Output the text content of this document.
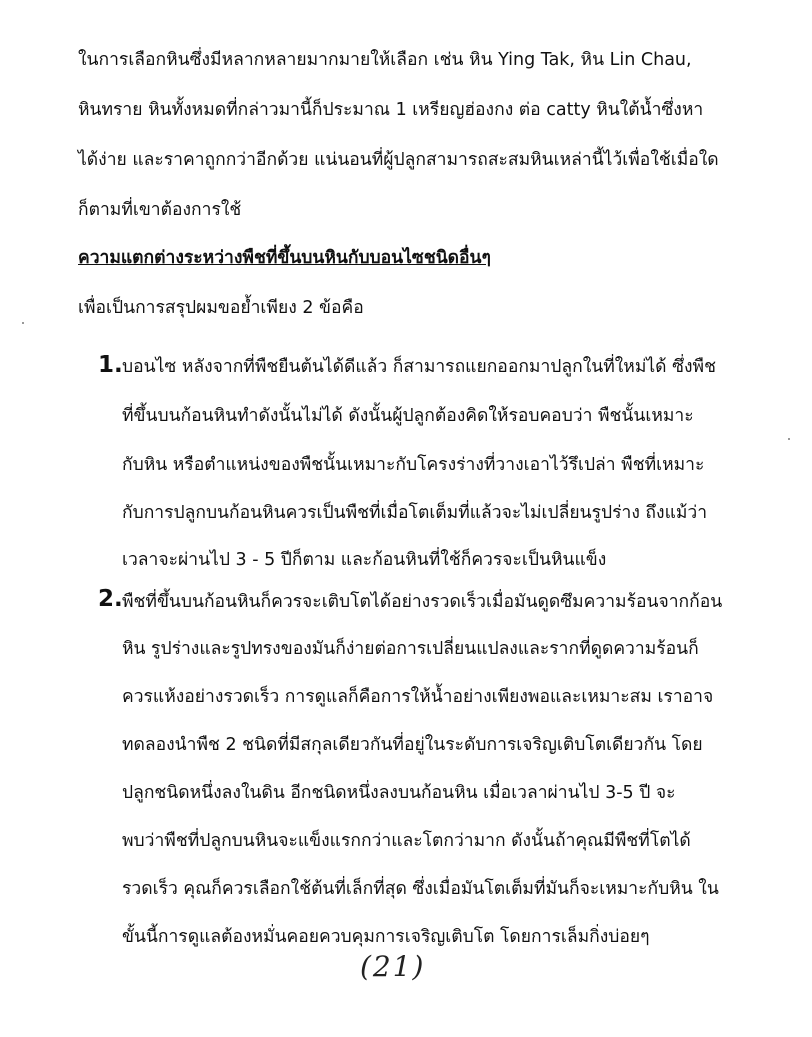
ในการเลือกหินซึ่งมีหลากหลายมากมายให้เลือก เช่น หิน Ying Tak, หิน Lin Chau,
หินทราย หินทั้งหมดที่กล่าวมานี้ก็ประมาณ 1 เหรียญฮ่องกง ต่อ catty หินใต้น้ำซึ่งหา
ได้ง่าย และราคาถูกกว่าอีกด้วย แน่นอนที่ผู้ปลูกสามารถสะสมหินเหล่านี้ไว้เพื่อใช้เมื่อใด
ก็ตามที่เขาต้องการใช้
ความแตกต่างระหว่างพืชที่ขึ้นบนหินกับบอนไซชนิดอื่นๆ
เพื่อเป็นการสรุปผมขอย้ำเพียง 2 ข้อคือ
1. บอนไซ หลังจากที่พืชยืนต้นได้ดีแล้ว ก็สามารถแยกออกมาปลูกในที่ใหม่ได้ ซึ่งพืช
ที่ขึ้นบนก้อนหินทำดังนั้นไม่ได้ ดังนั้นผู้ปลูกต้องคิดให้รอบคอบว่า พืชนั้นเหมาะ
กับหิน หรือตำแหน่งของพืชนั้นเหมาะกับโครงร่างที่วางเอาไว้รึเปล่า พืชที่เหมาะ
กับการปลูกบนก้อนหินควรเป็นพืชที่เมื่อโตเต็มที่แล้วจะไม่เปลี่ยนรูปร่าง ถึงแม้ว่า
เวลาจะผ่านไป 3 - 5 ปีก็ตาม และก้อนหินที่ใช้ก็ควรจะเป็นหินแข็ง
2. พืชที่ขึ้นบนก้อนหินก็ควรจะเติบโตได้อย่างรวดเร็วเมื่อมันดูดซึมความร้อนจากก้อน
หิน รูปร่างและรูปทรงของมันก็ง่ายต่อการเปลี่ยนแปลงและรากที่ดูดความร้อนก็
ควรแห้งอย่างรวดเร็ว การดูแลก็คือการให้น้ำอย่างเพียงพอและเหมาะสม เราอาจ
ทดลองนำพืช 2 ชนิดที่มีสกุลเดียวกันที่อยู่ในระดับการเจริญเติบโตเดียวกัน โดย
ปลูกชนิดหนึ่งลงในดิน อีกชนิดหนึ่งลงบนก้อนหิน เมื่อเวลาผ่านไป 3-5 ปี จะ
พบว่าพืชที่ปลูกบนหินจะแข็งแรกกว่าและโตกว่ามาก ดังนั้นถ้าคุณมีพืชที่โตได้
รวดเร็ว คุณก็ควรเลือกใช้ต้นที่เล็กที่สุด ซึ่งเมื่อมันโตเต็มที่มันก็จะเหมาะกับหิน ใน
ขั้นนี้การดูแลต้องหมั่นคอยควบคุมการเจริญเติบโต โดยการเล็มกิ่งบ่อยๆ
(21)
